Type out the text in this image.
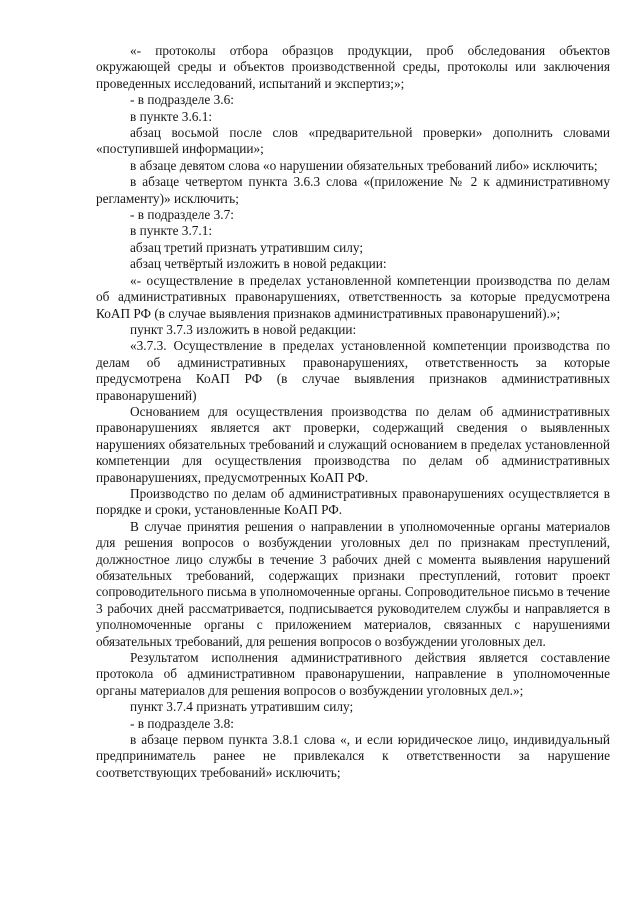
«- протоколы отбора образцов продукции, проб обследования объектов окружающей среды и объектов производственной среды, протоколы или заключения проведенных исследований, испытаний и экспертиз;»;

- в подразделе 3.6:

в пункте 3.6.1:

абзац восьмой после слов «предварительной проверки» дополнить словами «поступившей информации»;

в абзаце девятом слова «о нарушении обязательных требований либо» исключить;

в абзаце четвертом пункта 3.6.3 слова «(приложение № 2 к административному регламенту)» исключить;

- в подразделе 3.7:

в пункте 3.7.1:

абзац третий признать утратившим силу;

абзац четвёртый изложить в новой редакции:

«- осуществление в пределах установленной компетенции производства по делам об административных правонарушениях, ответственность за которые предусмотрена КоАП РФ (в случае выявления признаков административных правонарушений).»;

пункт 3.7.3 изложить в новой редакции:

«3.7.3. Осуществление в пределах установленной компетенции производства по делам об административных правонарушениях, ответственность за которые предусмотрена КоАП РФ (в случае выявления признаков административных правонарушений)

Основанием для осуществления производства по делам об административных правонарушениях является акт проверки, содержащий сведения о выявленных нарушениях обязательных требований и служащий основанием в пределах установленной компетенции для осуществления производства по делам об административных правонарушениях, предусмотренных КоАП РФ.

Производство по делам об административных правонарушениях осуществляется в порядке и сроки, установленные КоАП РФ.

В случае принятия решения о направлении в уполномоченные органы материалов для решения вопросов о возбуждении уголовных дел по признакам преступлений, должностное лицо службы в течение 3 рабочих дней с момента выявления нарушений обязательных требований, содержащих признаки преступлений, готовит проект сопроводительного письма в уполномоченные органы. Сопроводительное письмо в течение 3 рабочих дней рассматривается, подписывается руководителем службы и направляется в уполномоченные органы с приложением материалов, связанных с нарушениями обязательных требований, для решения вопросов о возбуждении уголовных дел.

Результатом исполнения административного действия является составление протокола об административном правонарушении, направление в уполномоченные органы материалов для решения вопросов о возбуждении уголовных дел.»;

пункт 3.7.4 признать утратившим силу;

- в подразделе 3.8:

в абзаце первом пункта 3.8.1 слова «, и если юридическое лицо, индивидуальный предприниматель ранее не привлекался к ответственности за нарушение соответствующих требований» исключить;
